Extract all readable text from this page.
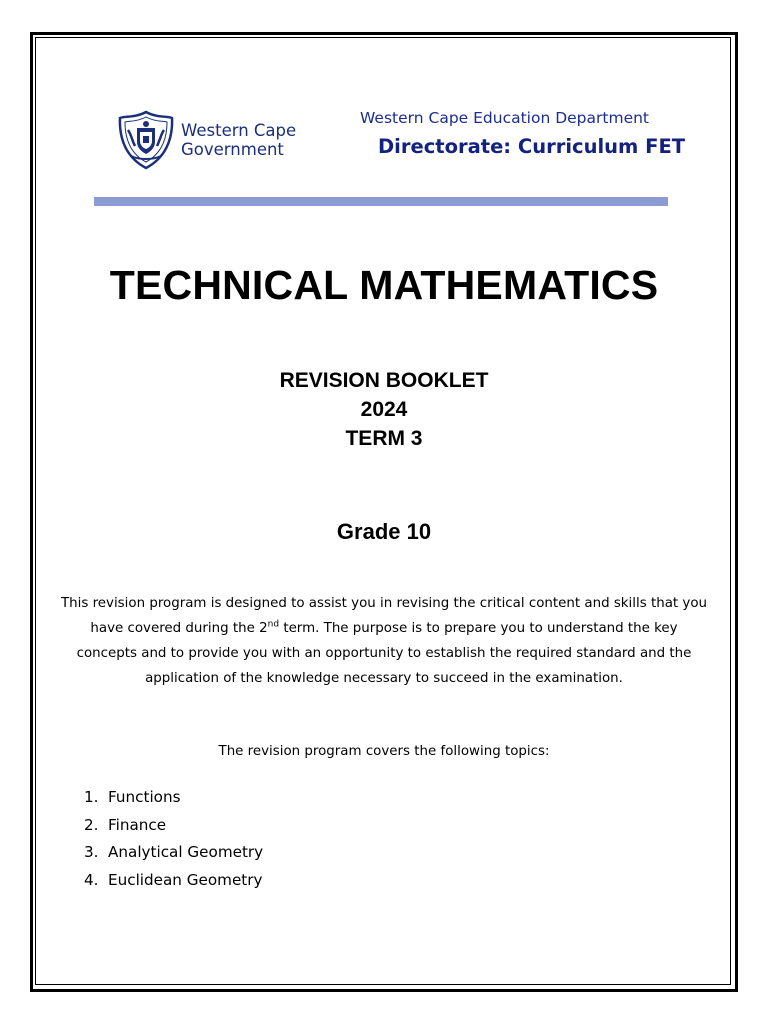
Western Cape
Government
Western Cape Education Department
Directorate: Curriculum FET
TECHNICAL MATHEMATICS
REVISION BOOKLET
2024
TERM 3
Grade 10
This revision program is designed to assist you in revising the critical content and skills that you have covered during the 2nd term. The purpose is to prepare you to understand the key concepts and to provide you with an opportunity to establish the required standard and the application of the knowledge necessary to succeed in the examination.
The revision program covers the following topics:
1. Functions
2. Finance
3. Analytical Geometry
4. Euclidean Geometry
